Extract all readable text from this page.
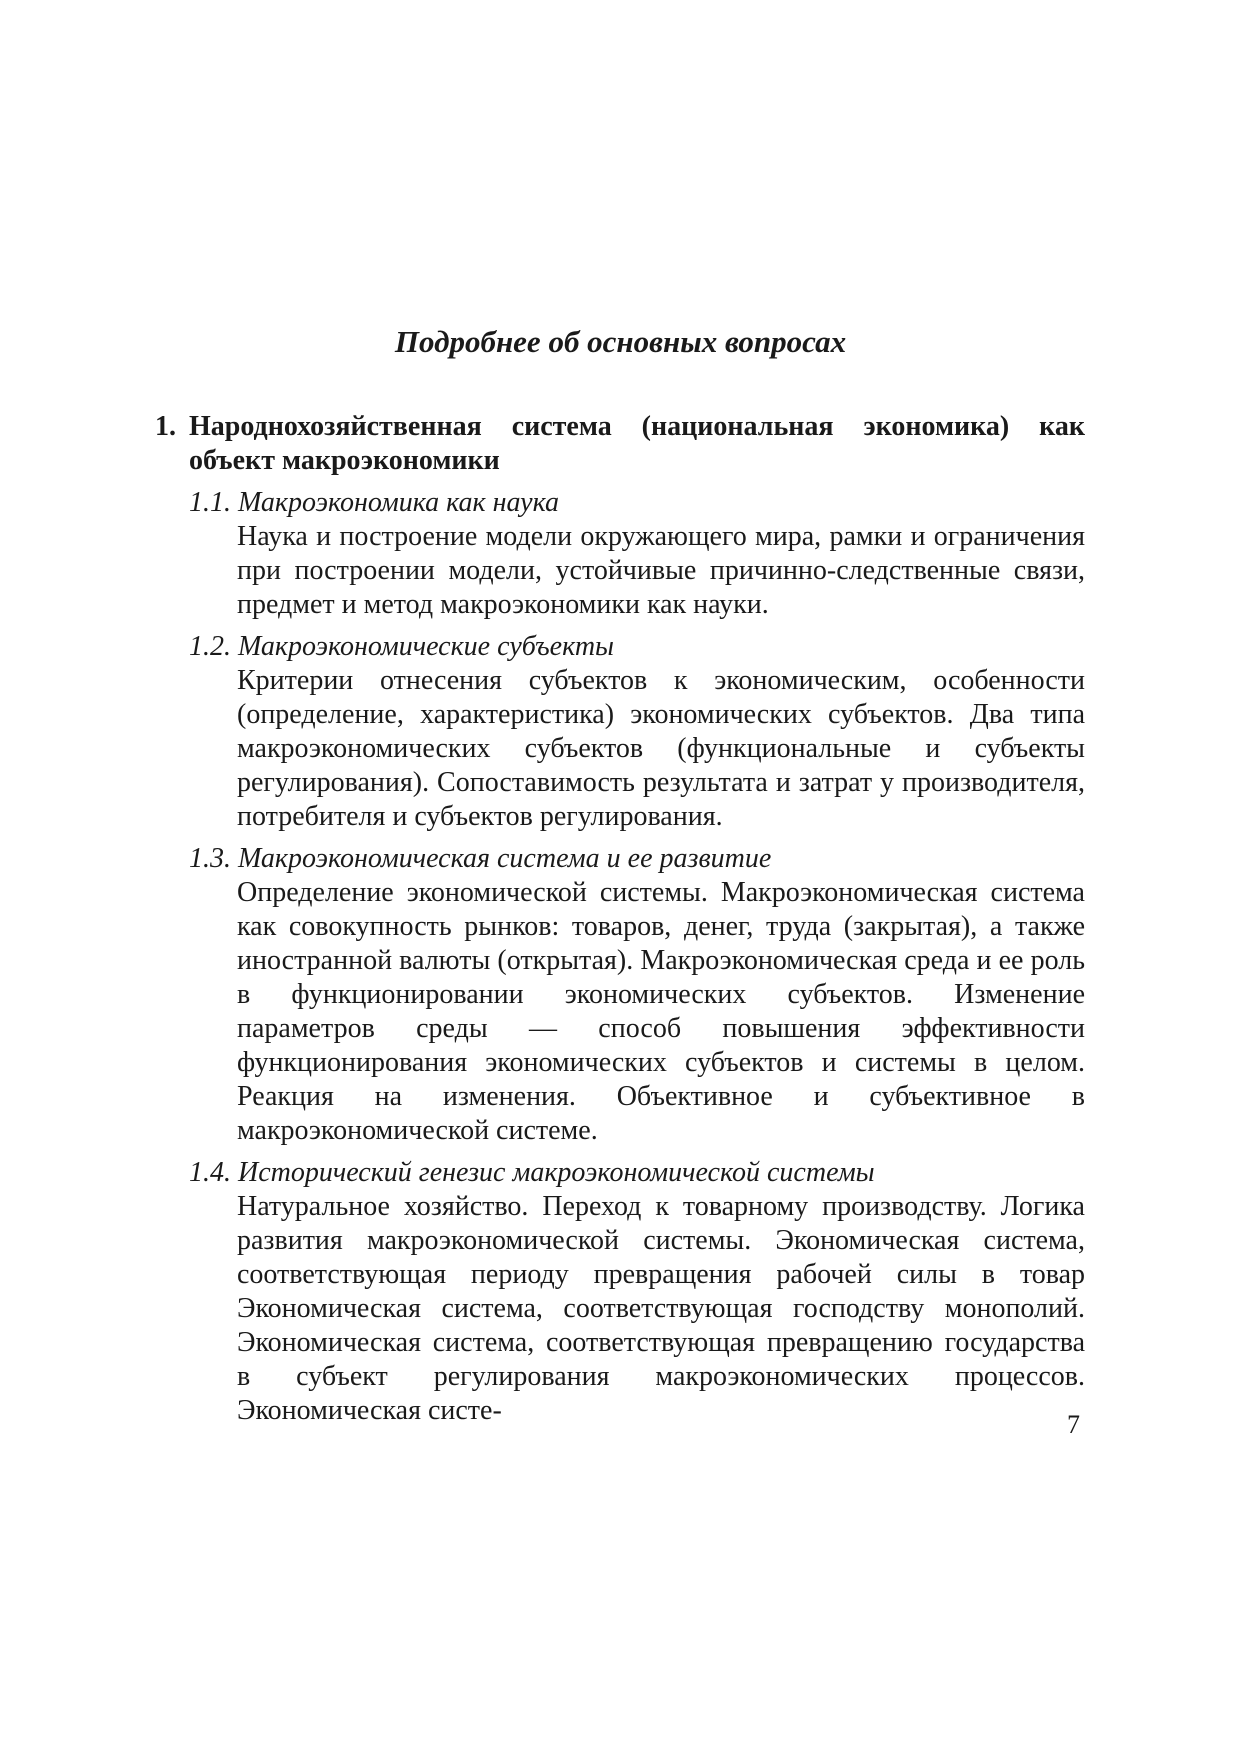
Подробнее об основных вопросах
1. Народнохозяйственная система (национальная экономика) как объект макроэкономики

1.1. Макроэкономика как наука

Наука и построение модели окружающего мира, рамки и ограничения при построении модели, устойчивые причинно-следственные связи, предмет и метод макроэкономики как науки.

1.2. Макроэкономические субъекты

Критерии отнесения субъектов к экономическим, особенности (определение, характеристика) экономических субъектов. Два типа макроэкономических субъектов (функциональные и субъекты регулирования). Сопоставимость результата и затрат у производителя, потребителя и субъектов регулирования.

1.3. Макроэкономическая система и ее развитие

Определение экономической системы. Макроэкономическая система как совокупность рынков: товаров, денег, труда (закрытая), а также иностранной валюты (открытая). Макроэкономическая среда и ее роль в функционировании экономических субъектов. Изменение параметров среды — способ повышения эффективности функционирования экономических субъектов и системы в целом. Реакция на изменения. Объективное и субъективное в макроэкономической системе.

1.4. Исторический генезис макроэкономической системы

Натуральное хозяйство. Переход к товарному производству. Логика развития макроэкономической системы. Экономическая система, соответствующая периоду превращения рабочей силы в товар Экономическая система, соответствующая господству монополий. Экономическая система, соответствующая превращению государства в субъект регулирования макроэкономических процессов. Экономическая систе-	7
